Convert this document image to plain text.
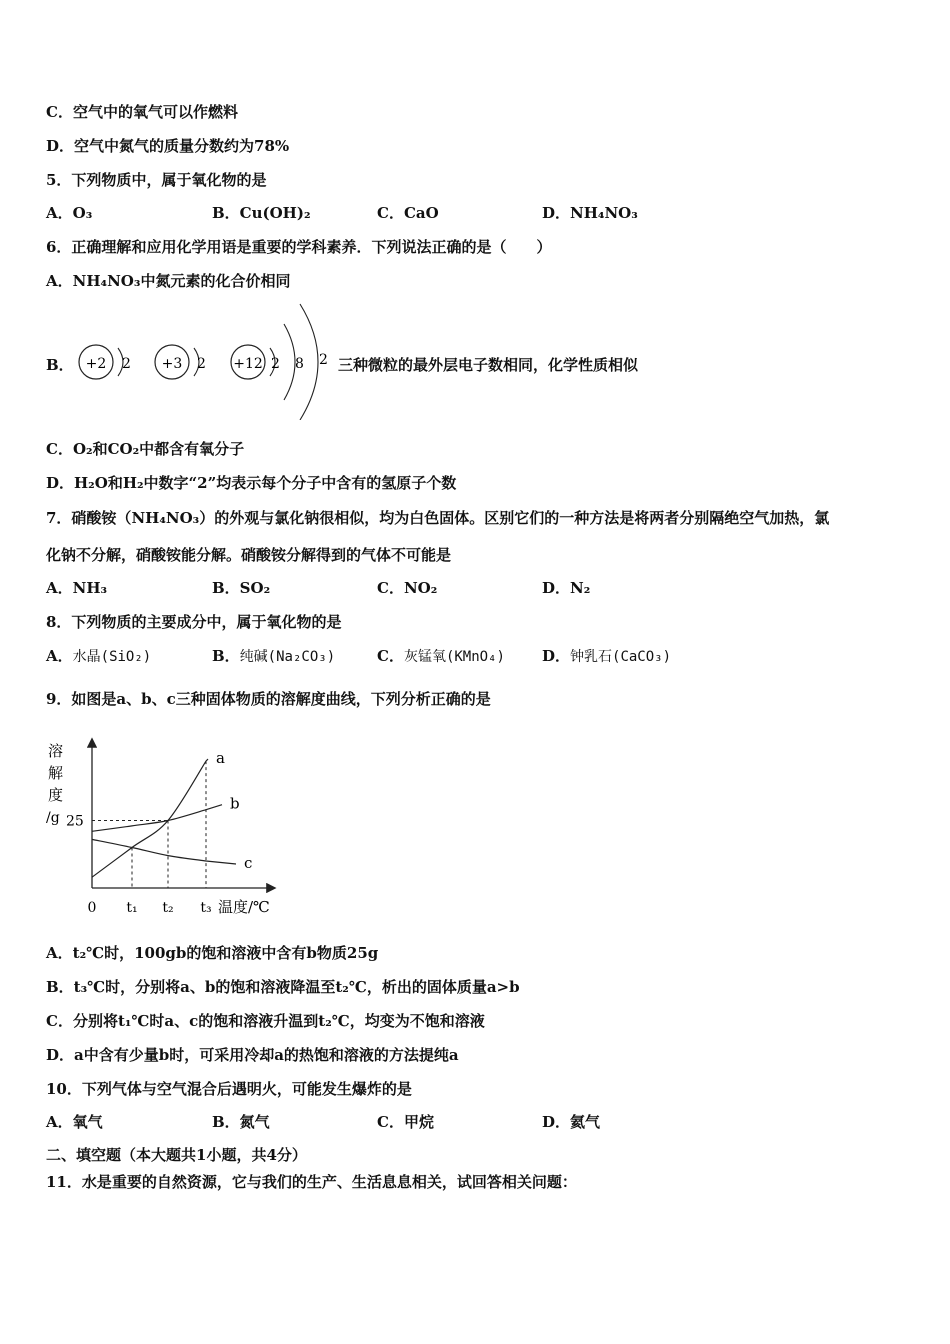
C．空气中的氧气可以作燃料
D．空气中氮气的质量分数约为78%
5．下列物质中，属于氧化物的是
A．O₃	B．Cu(OH)₂	C．CaO	D．NH₄NO₃
6．正确理解和应用化学用语是重要的学科素养．下列说法正确的是（　　）
A．NH₄NO₃中氮元素的化合价相同
B． +2 2 +3 2 +12 2 8 2 三种微粒的最外层电子数相同，化学性质相似
C．O₂和CO₂中都含有氧分子
D．H₂O和H₂中数字“2”均表示每个分子中含有的氢原子个数
7．硝酸铵（NH₄NO₃）的外观与氯化钠很相似，均为白色固体。区别它们的一种方法是将两者分别隔绝空气加热，氯
化钠不分解，硝酸铵能分解。硝酸铵分解得到的气体不可能是
A．NH₃	B．SO₂	C．NO₂	D．N₂
8．下列物质的主要成分中，属于氧化物的是
A．水晶(SiO₂)	B．纯碱(Na₂CO₃)	C．灰锰氧(KMnO₄) D．钟乳石(CaCO₃)
9．如图是a、b、c三种固体物质的溶解度曲线，下列分析正确的是
溶
解
度
/g
a
b
c
0 t₁ t₂ t₃
25
温度/℃
A．t₂℃时，100gb的饱和溶液中含有b物质25g
B．t₃℃时，分别将a、b的饱和溶液降温至t₂℃，析出的固体质量a>b
C．分别将t₁℃时a、c的饱和溶液升温到t₂℃，均变为不饱和溶液
D．a中含有少量b时，可采用冷却a的热饱和溶液的方法提纯a
10．下列气体与空气混合后遇明火，可能发生爆炸的是
A．氧气	B．氮气	C．甲烷	D．氦气
二、填空题（本大题共1小题，共4分）
11．水是重要的自然资源，它与我们的生产、生活息息相关，试回答相关问题：
